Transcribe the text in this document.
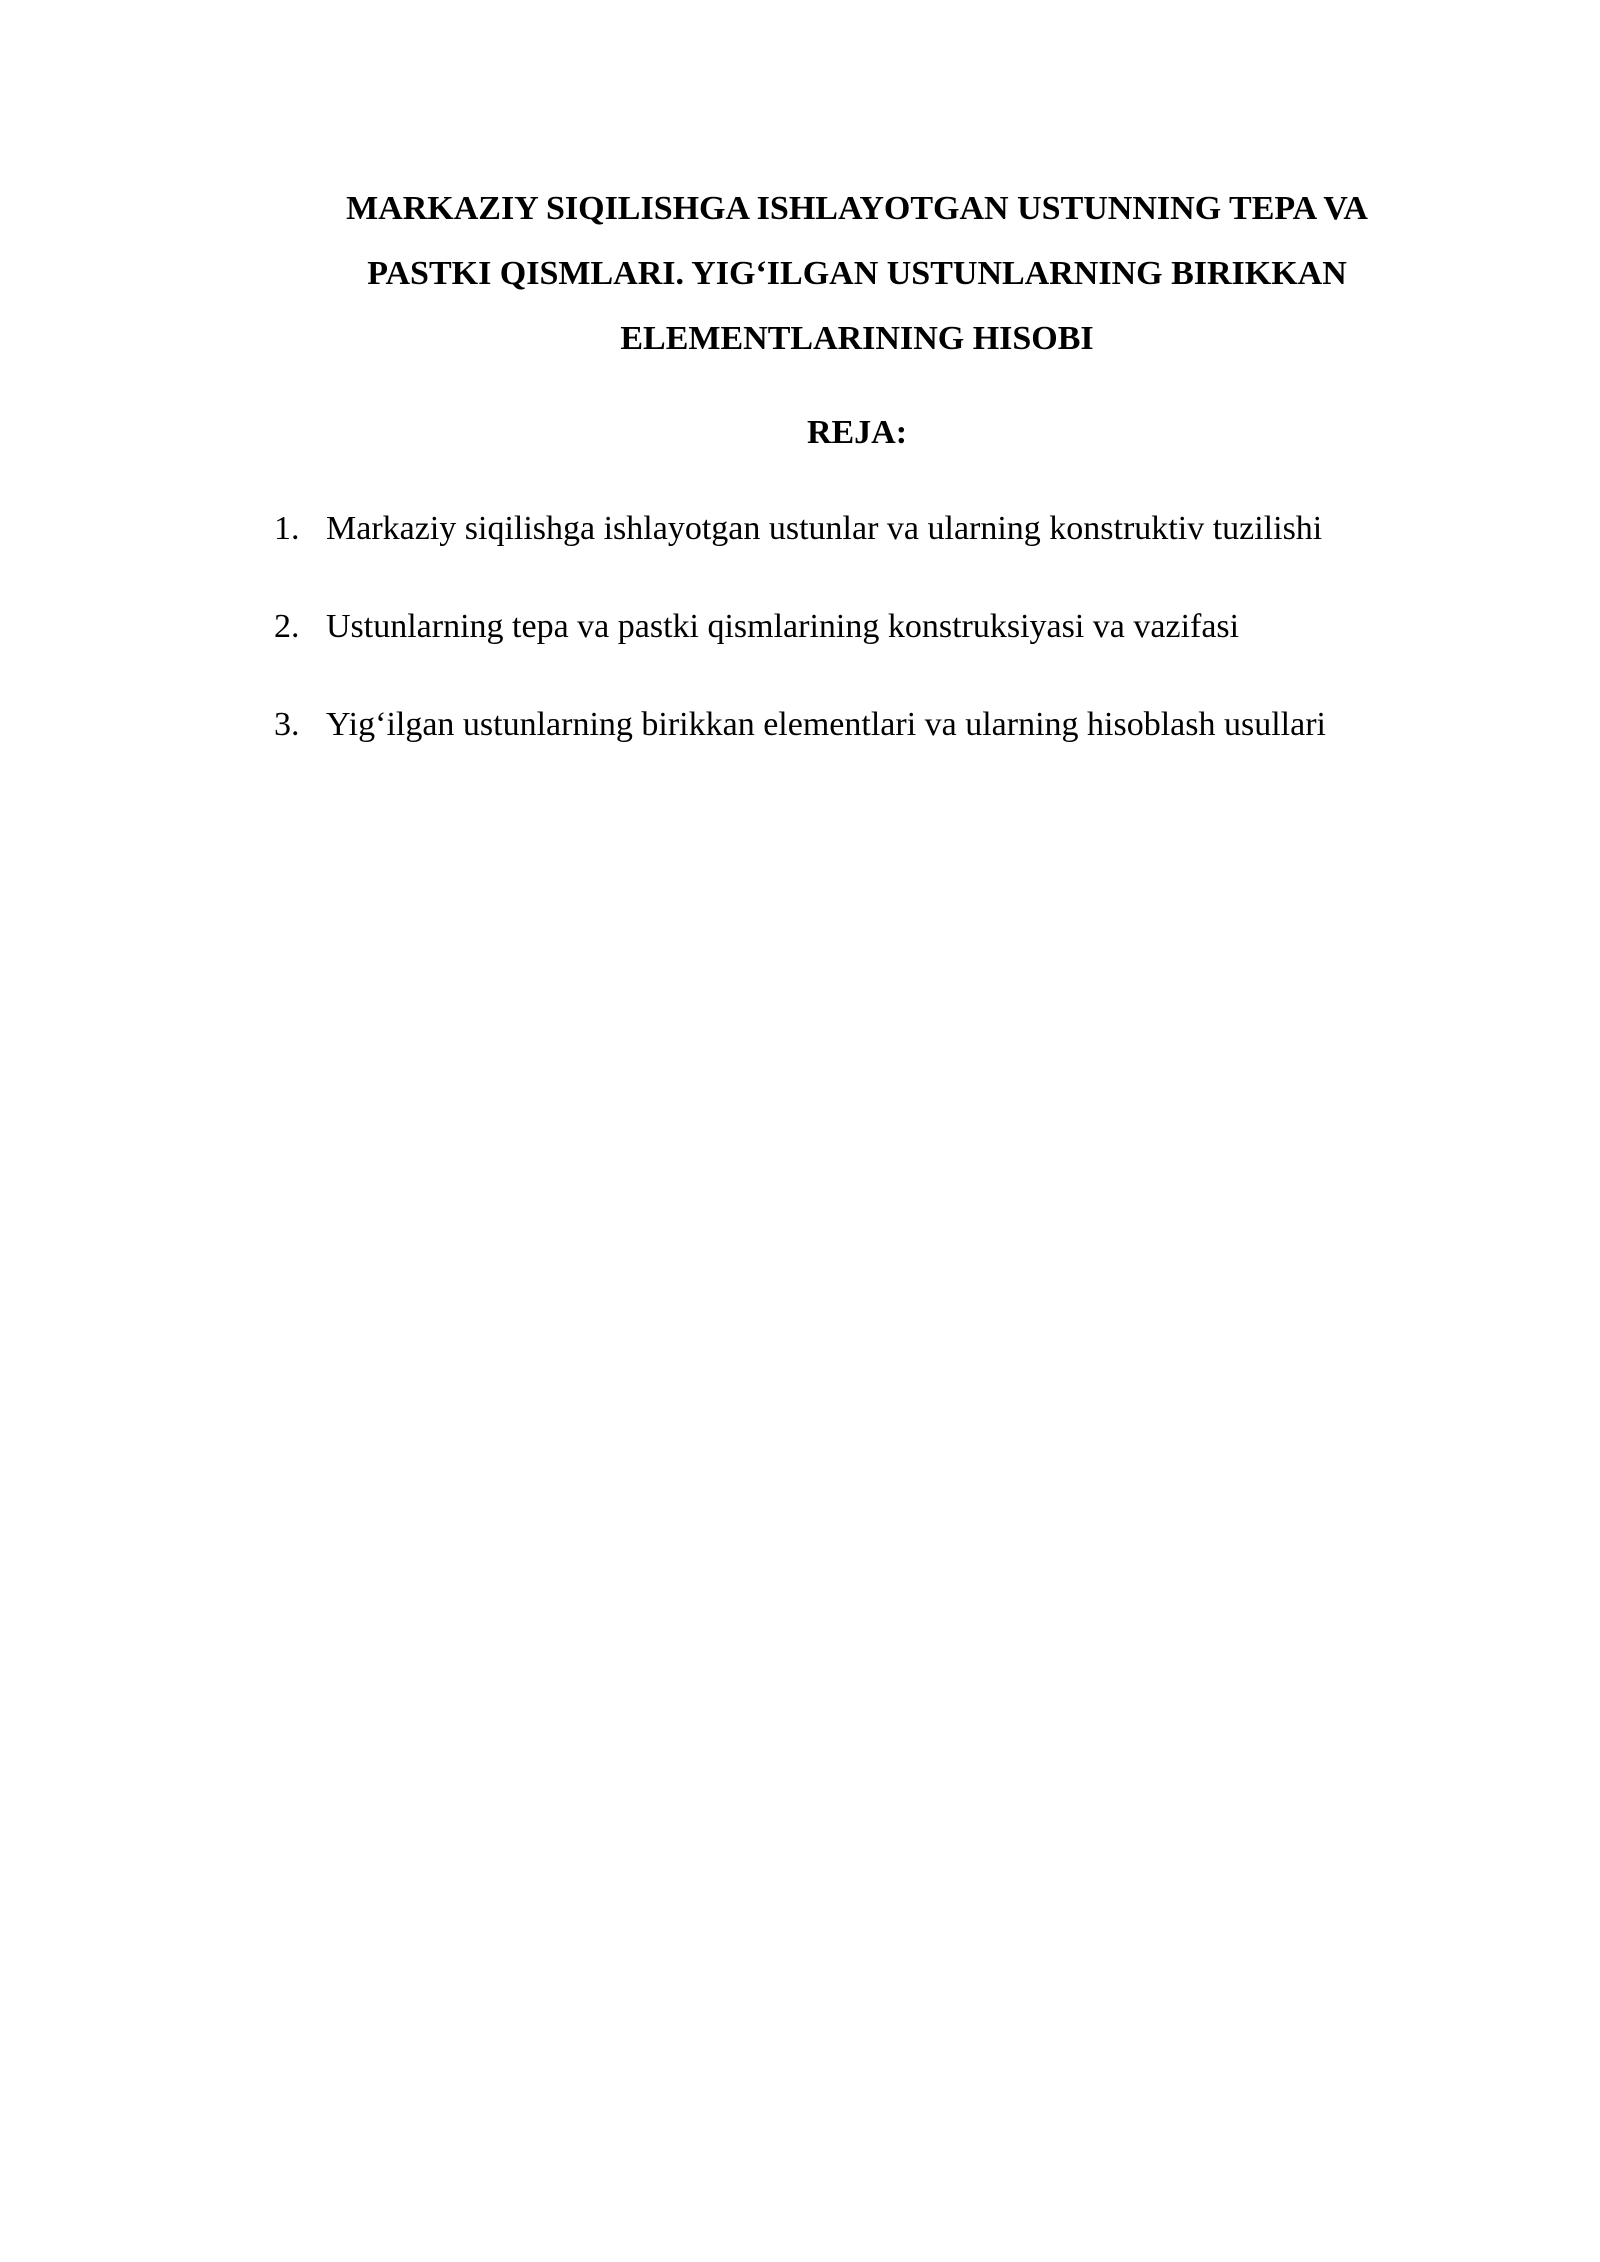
MARKAZIY SIQILISHGA ISHLAYOTGAN USTUNNING TEPA VA
PASTKI QISMLARI. YIG‘ILGAN USTUNLARNING BIRIKKAN
ELEMENTLARINING HISOBI
REJA:
1. Markaziy siqilishga ishlayotgan ustunlar va ularning konstruktiv tuzilishi
2. Ustunlarning tepa va pastki qismlarining konstruksiyasi va vazifasi
3. Yig‘ilgan ustunlarning birikkan elementlari va ularning hisoblash usullari
